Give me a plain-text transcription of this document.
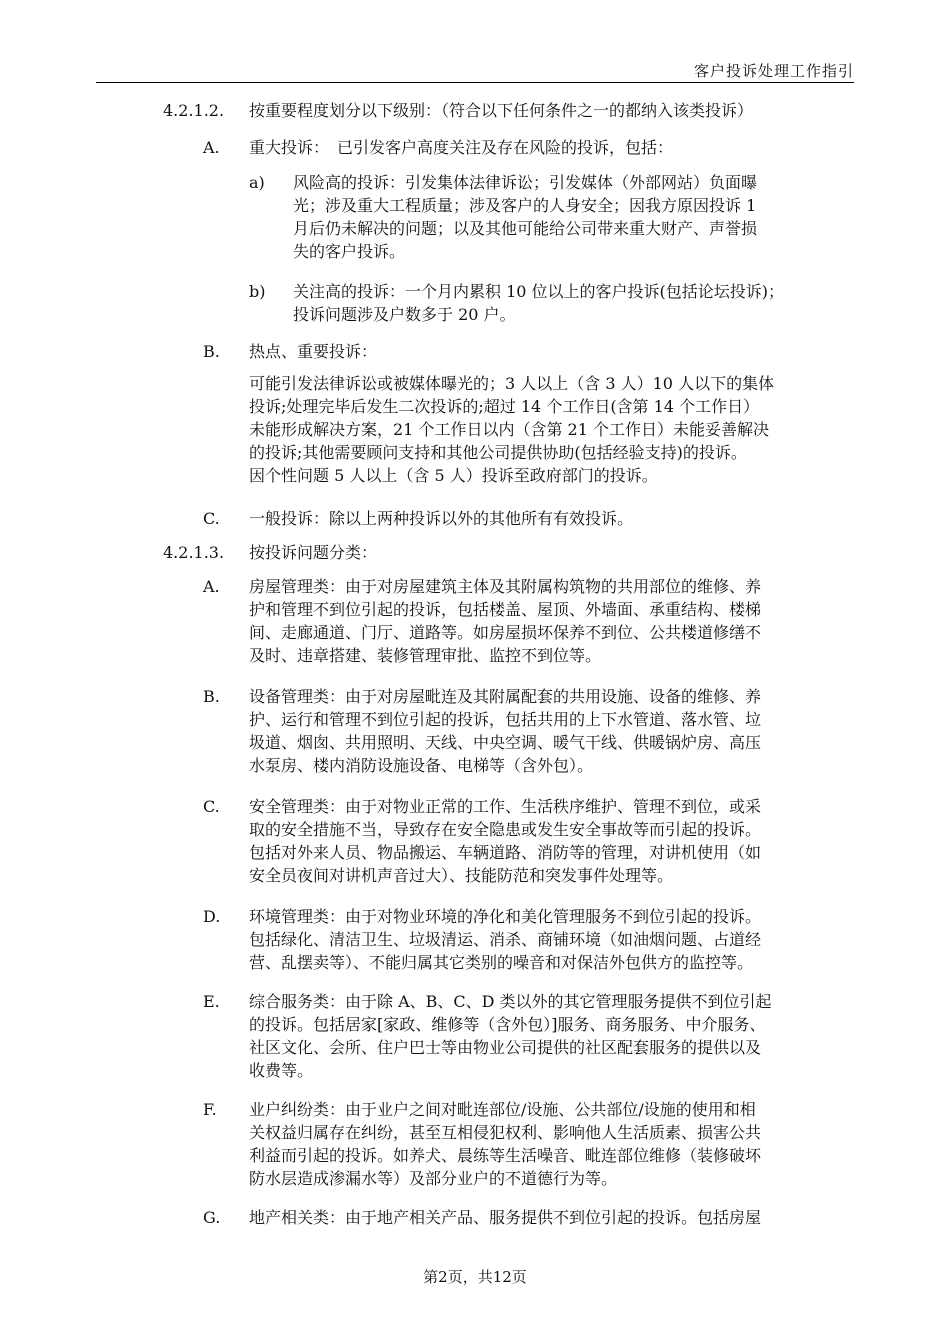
客户投诉处理工作指引
4.2.1.2. 按重要程度划分以下级别：（符合以下任何条件之一的都纳入该类投诉）
A. 重大投诉：　已引发客户高度关注及存在风险的投诉，包括：

a) 风险高的投诉：引发集体法律诉讼；引发媒体（外部网站）负面曝

光；涉及重大工程质量；涉及客户的人身安全；因我方原因投诉 1

月后仍未解决的问题；以及其他可能给公司带来重大财产、声誉损

失的客户投诉。

b) 关注高的投诉：一个月内累积 10 位以上的客户投诉(包括论坛投诉)；

投诉问题涉及户数多于 20 户。

B. 热点、重要投诉：

可能引发法律诉讼或被媒体曝光的；3 人以上（含 3 人）10 人以下的集体

投诉;处理完毕后发生二次投诉的;超过 14 个工作日(含第 14 个工作日）

未能形成解决方案，21 个工作日以内（含第 21 个工作日）未能妥善解决

的投诉;其他需要顾问支持和其他公司提供协助(包括经验支持)的投诉。

因个性问题 5 人以上（含 5 人）投诉至政府部门的投诉。

C. 一般投诉：除以上两种投诉以外的其他所有有效投诉。

4.2.1.3. 按投诉问题分类：
A. 房屋管理类：由于对房屋建筑主体及其附属构筑物的共用部位的维修、养

护和管理不到位引起的投诉，包括楼盖、屋顶、外墙面、承重结构、楼梯

间、走廊通道、门厅、道路等。如房屋损坏保养不到位、公共楼道修缮不

及时、违章搭建、装修管理审批、监控不到位等。

B. 设备管理类：由于对房屋毗连及其附属配套的共用设施、设备的维修、养

护、运行和管理不到位引起的投诉，包括共用的上下水管道、落水管、垃

圾道、烟囱、共用照明、天线、中央空调、暖气干线、供暖锅炉房、高压

水泵房、楼内消防设施设备、电梯等（含外包）。

C. 安全管理类：由于对物业正常的工作、生活秩序维护、管理不到位，或采

取的安全措施不当，导致存在安全隐患或发生安全事故等而引起的投诉。

包括对外来人员、物品搬运、车辆道路、消防等的管理，对讲机使用（如

安全员夜间对讲机声音过大）、技能防范和突发事件处理等。

D. 环境管理类：由于对物业环境的净化和美化管理服务不到位引起的投诉。

包括绿化、清洁卫生、垃圾清运、消杀、商铺环境（如油烟问题、占道经

营、乱摆卖等）、不能归属其它类别的噪音和对保洁外包供方的监控等。

E. 综合服务类：由于除 A、B、C、D 类以外的其它管理服务提供不到位引起

的投诉。包括居家[家政、维修等（含外包）]服务、商务服务、中介服务、

社区文化、会所、住户巴士等由物业公司提供的社区配套服务的提供以及

收费等。

F. 业户纠纷类：由于业户之间对毗连部位/设施、公共部位/设施的使用和相

关权益归属存在纠纷，甚至互相侵犯权利、影响他人生活质素、损害公共

利益而引起的投诉。如养犬、晨练等生活噪音、毗连部位维修（装修破坏

防水层造成渗漏水等）及部分业户的不道德行为等。

G. 地产相关类：由于地产相关产品、服务提供不到位引起的投诉。包括房屋

第2页，共12页
